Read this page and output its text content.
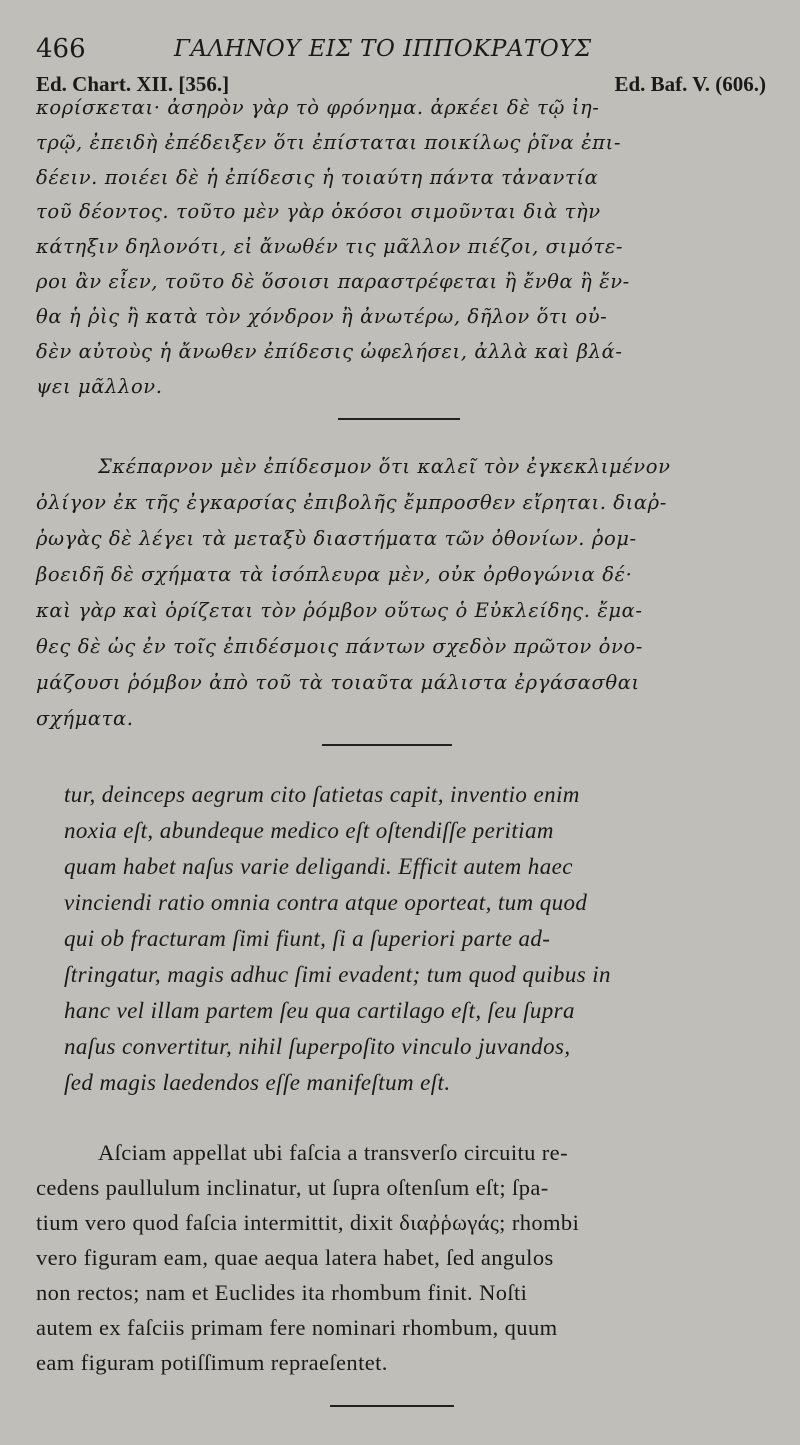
466	ΓΑΛΗΝΟΥ ΕΙΣ ΤΟ ΙΠΠΟΚΡΑΤΟΥΣ
Ed. Chart. XII. [356.]	Ed. Baf. V. (606.)
κορίσκεται· ἀσηρὸν γὰρ τὸ φρόνημα. ἀρκέει δὲ τῷ ἰη-
τρῷ, ἐπειδὴ ἐπέδειξεν ὅτι ἐπίσταται ποικίλως ῥῖνα ἐπι-
δέειν. ποιέει δὲ ἡ ἐπίδεσις ἡ τοιαύτη πάντα τἀναντία
τοῦ δέοντος. τοῦτο μὲν γὰρ ὁκόσοι σιμοῦνται διὰ τὴν
κάτηξιν δηλονότι, εἰ ἄνωθέν τις μᾶλλον πιέζοι, σιμότε-
ροι ἂν εἶεν, τοῦτο δὲ ὅσοισι παραστρέφεται ἢ ἔνθα ἢ ἔν-
θα ἡ ῥὶς ἢ κατὰ τὸν χόνδρον ἢ ἀνωτέρω, δῆλον ὅτι οὐ-
δὲν αὐτοὺς ἡ ἄνωθεν ἐπίδεσις ὠφελήσει, ἀλλὰ καὶ βλά-
ψει μᾶλλον.
Σκέπαρνον μὲν ἐπίδεσμον ὅτι καλεῖ τὸν ἐγκεκλιμένον
ὀλίγον ἐκ τῆς ἐγκαρσίας ἐπιβολῆς ἔμπροσθεν εἴρηται. διαῤ-
ῥωγὰς δὲ λέγει τὰ μεταξὺ διαστήματα τῶν ὀθονίων. ῥομ-
βοειδῆ δὲ σχήματα τὰ ἰσόπλευρα μὲν, οὐκ ὀρθογώνια δέ·
καὶ γὰρ καὶ ὁρίζεται τὸν ῥόμβον οὕτως ὁ Εὐκλείδης. ἔμα-
θες δὲ ὡς ἐν τοῖς ἐπιδέσμοις πάντων σχεδὸν πρῶτον ὀνο-
μάζουσι ῥόμβον ἀπὸ τοῦ τὰ τοιαῦτα μάλιστα ἐργάσασθαι
σχήματα.
tur, deinceps aegrum cito ſatietas capit, inventio enim
noxia eſt, abundeque medico eſt oſtendiſſe peritiam
quam habet naſus varie deligandi. Efficit autem haec
vinciendi ratio omnia contra atque oporteat, tum quod
qui ob fracturam ſimi fiunt, ſi a ſuperiori parte ad-
ſtringatur, magis adhuc ſimi evadent; tum quod quibus in
hanc vel illam partem ſeu qua cartilago eſt, ſeu ſupra
naſus convertitur, nihil ſuperpoſito vinculo juvandos,
ſed magis laedendos eſſe manifeſtum eſt.
Aſciam appellat ubi faſcia a transverſo circuitu re-
cedens paullulum inclinatur, ut ſupra oſtenſum eſt; ſpa-
tium vero quod faſcia intermittit, dixit διαῤῥωγάς; rhombi
vero figuram eam, quae aequa latera habet, ſed angulos
non rectos; nam et Euclides ita rhombum finit. Noſti
autem ex faſciis primam fere nominari rhombum, quum
eam figuram potiſſimum repraeſentet.
